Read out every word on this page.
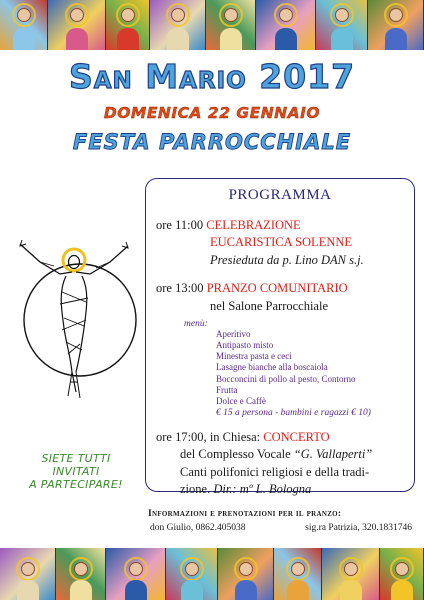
San Mario 2017
DOMENICA 22 GENNAIO
FESTA PARROCCHIALE
SIETE TUTTI
INVITATI
A PARTECIPARE!
PROGRAMMA
ore 11:00 CELEBRAZIONE
EUCARISTICA SOLENNE
Presieduta da p. Lino DAN s.j.
ore 13:00 PRANZO COMUNITARIO
nel Salone Parrocchiale
menù:
Aperitivo
Antipasto misto
Minestra pasta e ceci
Lasagne bianche alla boscaiola
Bocconcini di pollo al pesto, Contorno
Frutta
Dolce e Caffè
€ 15 a persona - bambini e ragazzi € 10)
ore 17:00, in Chiesa: CONCERTO
del Complesso Vocale “G. Vallaperti”
Canti polifonici religiosi e della tradi-
zione. Dir.: mº L. Bologna
Informazioni e prenotazioni per il pranzo:
don Giulio, 0862.405038	sig.ra Patrizia, 320.1831746
